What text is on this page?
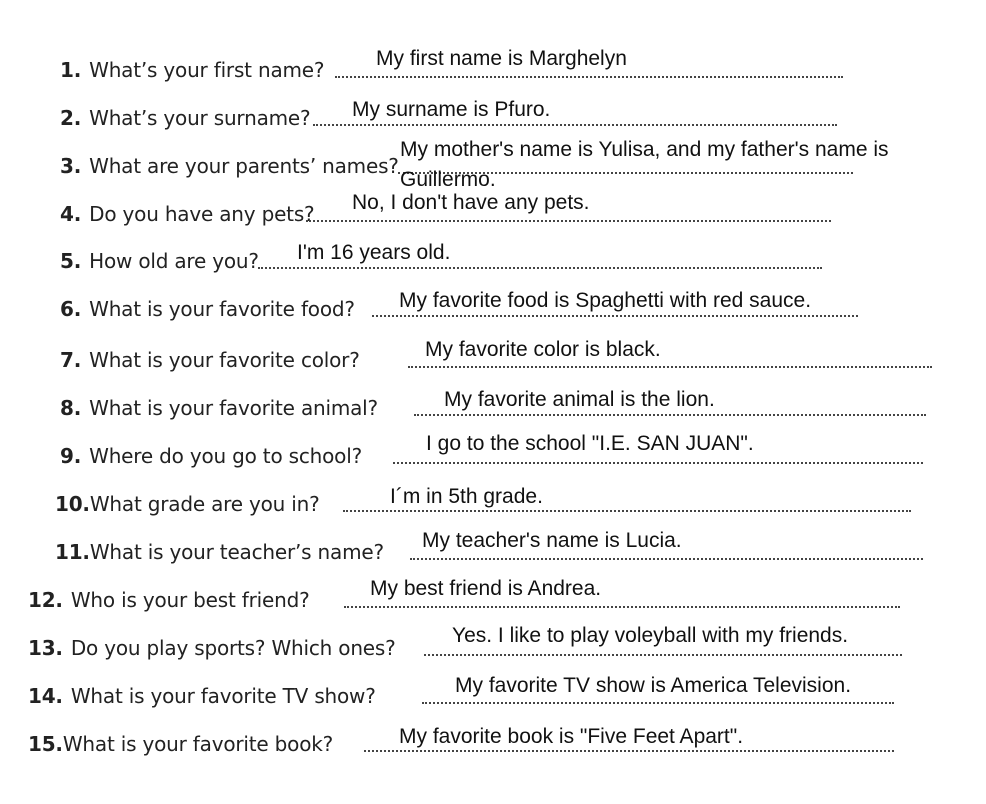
1. What’s your first name? My first name is Marghelyn
2. What’s your surname? My surname is Pfuro.
3. What are your parents’ names?
My mother's name is Yulisa, and my father's name is Guillermo.
4. Do you have any pets? No, I don't have any pets.
5. How old are you? I'm 16 years old.
6. What is your favorite food? My favorite food is Spaghetti with red sauce.
7. What is your favorite color?	My favorite color is black.
8. What is your favorite animal?	My favorite animal is the lion.
9. Where do you go to school?
I go to the school "I.E. SAN JUAN".
10.What grade are you in?	I´m in 5th grade.
11.What is your teacher’s name? My teacher's name is Lucia.
12. Who is your best friend?	My best friend is Andrea.
13. Do you play sports? Which ones?
Yes. I like to play voleyball with my friends.
14. What is your favorite TV show?	My favorite TV show is America Television.
15.What is your favorite book?	My favorite book is "Five Feet Apart".
